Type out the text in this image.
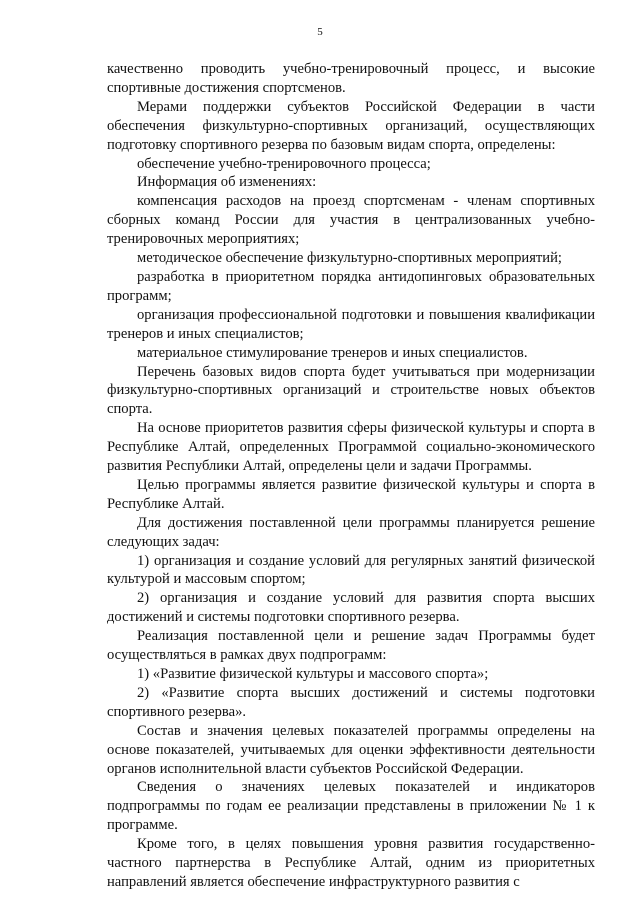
5

качественно проводить учебно-тренировочный процесс, и высокие спортивные достижения спортсменов.

Мерами поддержки субъектов Российской Федерации в части обеспечения физкультурно-спортивных организаций, осуществляющих подготовку спортивного резерва по базовым видам спорта, определены:

обеспечение учебно-тренировочного процесса;

Информация об изменениях:

компенсация расходов на проезд спортсменам - членам спортивных сборных команд России для участия в централизованных учебно-тренировочных мероприятиях;

методическое обеспечение физкультурно-спортивных мероприятий;

разработка в приоритетном порядка антидопинговых образовательных программ;

организация профессиональной подготовки и повышения квалификации тренеров и иных специалистов;

материальное стимулирование тренеров и иных специалистов.

Перечень базовых видов спорта будет учитываться при модернизации физкультурно-спортивных организаций и строительстве новых объектов спорта.

На основе приоритетов развития сферы физической культуры и спорта в Республике Алтай, определенных Программой социально-экономического развития Республики Алтай, определены цели и задачи Программы.

Целью программы является развитие физической культуры и спорта в Республике Алтай.

Для достижения поставленной цели программы планируется решение следующих задач:

1) организация и создание условий для регулярных занятий физической культурой и массовым спортом;

2) организация и создание условий для развития спорта высших достижений и системы подготовки спортивного резерва.

Реализация поставленной цели и решение задач Программы будет осуществляться в рамках двух подпрограмм:

1) «Развитие физической культуры и массового спорта»;

2) «Развитие спорта высших достижений и системы подготовки спортивного резерва».

Состав и значения целевых показателей программы определены на основе показателей, учитываемых для оценки эффективности деятельности органов исполнительной власти субъектов Российской Федерации.

Сведения о значениях целевых показателей и индикаторов подпрограммы по годам ее реализации представлены в приложении № 1 к программе.

Кроме того, в целях повышения уровня развития государственно-частного партнерства в Республике Алтай, одним из приоритетных направлений является обеспечение инфраструктурного развития с
